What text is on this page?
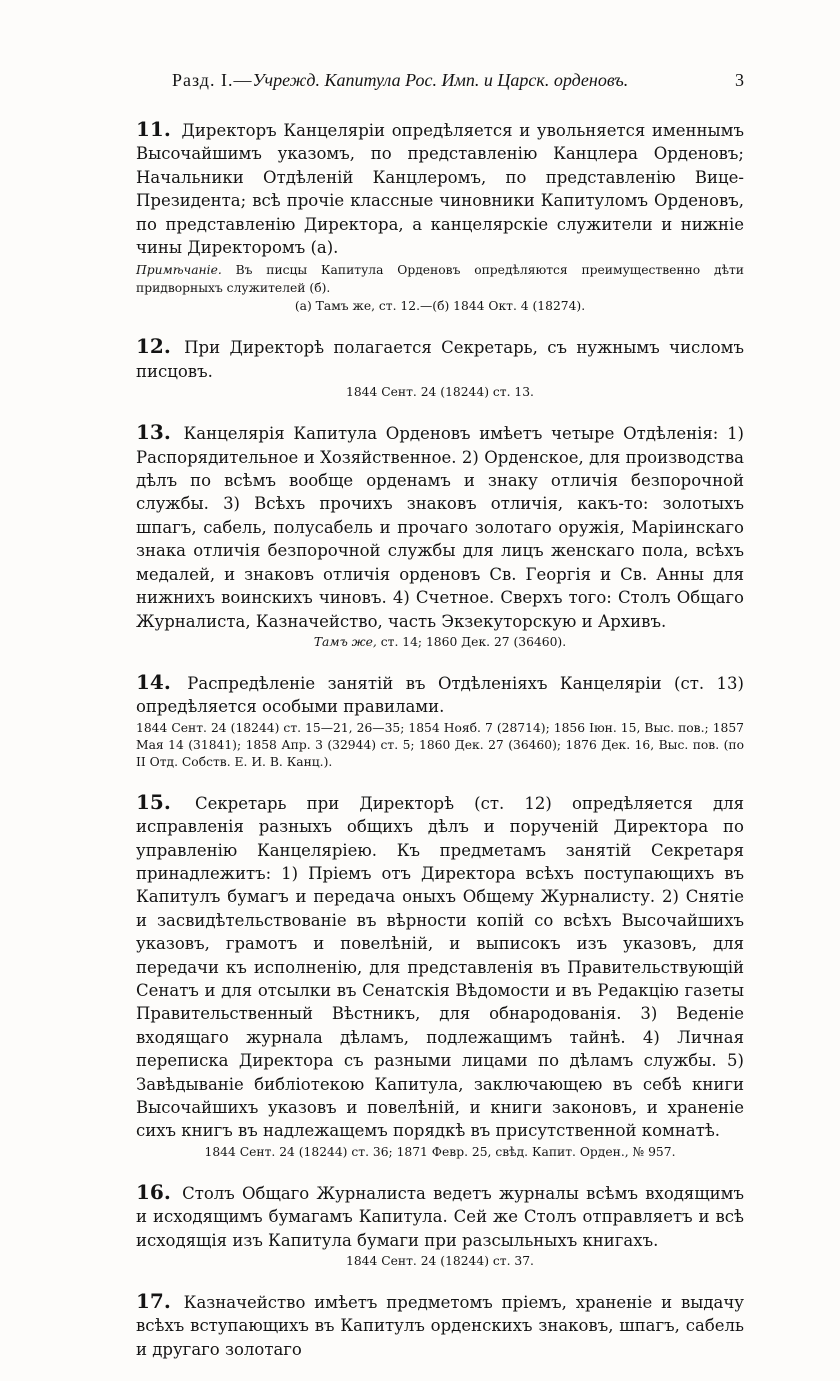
Разд. I.—Учрежд. Капитула Рос. Имп. и Царск. орденовъ.	3
11. Директоръ Канцеляріи опредѣляется и увольняется именнымъ Высочайшимъ указомъ, по представленію Канцлера Орденовъ; Начальники Отдѣленій Канцлеромъ, по представленію Вице-Президента; всѣ прочіе классные чиновники Капитуломъ Орденовъ, по представленію Директора, а канцелярскіе служители и нижніе чины Директоромъ (а).
Примѣчаніе. Въ писцы Капитула Орденовъ опредѣляются преимущественно дѣти придворныхъ служителей (б).
(а) Тамъ же, ст. 12.—(б) 1844 Окт. 4 (18274).
12. При Директорѣ полагается Секретарь, съ нужнымъ числомъ писцовъ.
1844 Сент. 24 (18244) ст. 13.
13. Канцелярія Капитула Орденовъ имѣетъ четыре Отдѣленія: 1) Распорядительное и Хозяйственное. 2) Орденское, для производства дѣлъ по всѣмъ вообще орденамъ и знаку отличія безпорочной службы. 3) Всѣхъ прочихъ знаковъ отличія, какъ-то: золотыхъ шпагъ, сабель, полусабель и прочаго золотаго оружія, Маріинскаго знака отличія безпорочной службы для лицъ женскаго пола, всѣхъ медалей, и знаковъ отличія орденовъ Св. Георгія и Св. Анны для нижнихъ воинскихъ чиновъ. 4) Счетное. Сверхъ того: Столъ Общаго Журналиста, Казначейство, часть Экзекуторскую и Архивъ.
Тамъ же, ст. 14; 1860 Дек. 27 (36460).
14. Распредѣленіе занятій въ Отдѣленіяхъ Канцеляріи (ст. 13) опредѣляется особыми правилами.
1844 Сент. 24 (18244) ст. 15—21, 26—35; 1854 Нояб. 7 (28714); 1856 Іюн. 15, Выс. пов.; 1857 Мая 14 (31841); 1858 Апр. 3 (32944) ст. 5; 1860 Дек. 27 (36460); 1876 Дек. 16, Выс. пов. (по II Отд. Собств. Е. И. В. Канц.).
15. Секретарь при Директорѣ (ст. 12) опредѣляется для исправленія разныхъ общихъ дѣлъ и порученій Директора по управленію Канцеляріею. Къ предметамъ занятій Секретаря принадлежитъ: 1) Пріемъ отъ Директора всѣхъ поступающихъ въ Капитулъ бумагъ и передача оныхъ Общему Журналисту. 2) Снятіе и засвидѣтельствованіе въ вѣрности копій со всѣхъ Высочайшихъ указовъ, грамотъ и повелѣній, и выписокъ изъ указовъ, для передачи къ исполненію, для представленія въ Правительствующій Сенатъ и для отсылки въ Сенатскія Вѣдомости и въ Редакцію газеты Правительственный Вѣстникъ, для обнародованія. 3) Веденіе входящаго журнала дѣламъ, подлежащимъ тайнѣ. 4) Личная переписка Директора съ разными лицами по дѣламъ службы. 5) Завѣдываніе библіотекою Капитула, заключающею въ себѣ книги Высочайшихъ указовъ и повелѣній, и книги законовъ, и храненіе сихъ книгъ въ надлежащемъ порядкѣ въ присутственной комнатѣ.
1844 Сент. 24 (18244) ст. 36; 1871 Февр. 25, свѣд. Капит. Орден., № 957.
16. Столъ Общаго Журналиста ведетъ журналы всѣмъ входящимъ и исходящимъ бумагамъ Капитула. Сей же Столъ отправляетъ и всѣ исходящія изъ Капитула бумаги при разсыльныхъ книгахъ.
1844 Сент. 24 (18244) ст. 37.
17. Казначейство имѣетъ предметомъ пріемъ, храненіе и выдачу всѣхъ вступающихъ въ Капитулъ орденскихъ знаковъ, шпагъ, сабель и другаго золотаго
